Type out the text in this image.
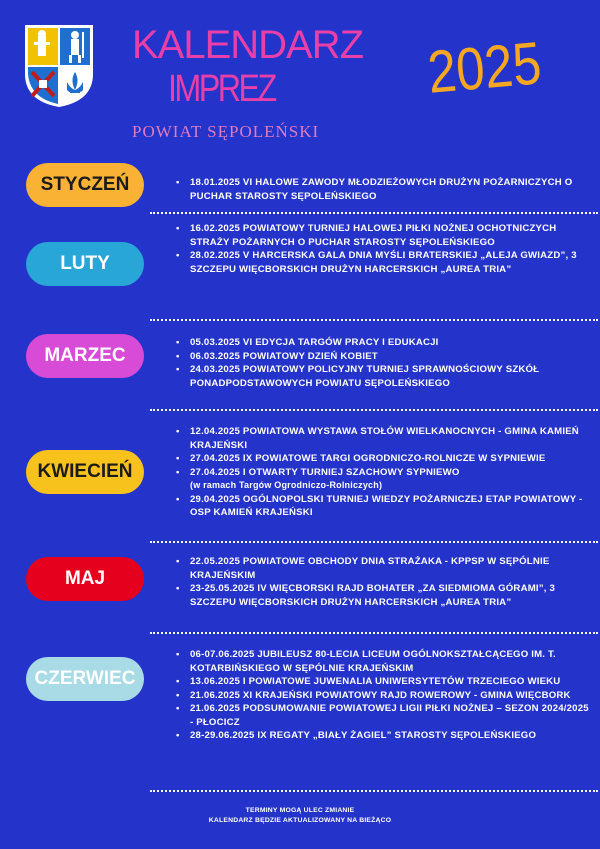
KALENDARZ
IMPREZ	2025
POWIAT SĘPOLEŃSKI
STYCZEŃ	• 18.01.2025 VI HALOWE ZAWODY MŁODZIEŻOWYCH DRUŻYN POŻARNICZYCH O PUCHAR STAROSTY SĘPOLEŃSKIEGO
LUTY
• 16.02.2025 POWIATOWY TURNIEJ HALOWEJ PIŁKI NOŻNEJ OCHOTNICZYCH STRAŻY POŻARNYCH O PUCHAR STAROSTY SĘPOLEŃSKIEGO
• 28.02.2025 V HARCERSKA GALA DNIA MYŚLI BRATERSKIEJ „ALEJA GWIAZD”, 3 SZCZEPU WIĘCBORSKICH DRUŻYN HARCERSKICH „AUREA TRIA”
MARZEC
• 05.03.2025 VI EDYCJA TARGÓW PRACY I EDUKACJI
• 06.03.2025 POWIATOWY DZIEŃ KOBIET
• 24.03.2025 POWIATOWY POLICYJNY TURNIEJ SPRAWNOŚCIOWY SZKÓŁ PONADPODSTAWOWYCH POWIATU SĘPOLEŃSKIEGO
KWIECIEŃ
• 12.04.2025 POWIATOWA WYSTAWA STOŁÓW WIELKANOCNYCH - GMINA KAMIEŃ KRAJEŃSKI
• 27.04.2025 IX POWIATOWE TARGI OGRODNICZO-ROLNICZE W SYPNIEWIE
• 27.04.2025 I OTWARTY TURNIEJ SZACHOWY SYPNIEWO
(w ramach Targów Ogrodniczo-Rolniczych)
• 29.04.2025 OGÓLNOPOLSKI TURNIEJ WIEDZY POŻARNICZEJ ETAP POWIATOWY - OSP KAMIEŃ KRAJEŃSKI
MAJ
• 22.05.2025 POWIATOWE OBCHODY DNIA STRAŻAKA - KPPSP W SĘPÓLNIE KRAJEŃSKIM
• 23-25.05.2025 IV WIĘCBORSKI RAJD BOHATER „ZA SIEDMIOMA GÓRAMI”, 3 SZCZEPU WIĘCBORSKICH DRUŻYN HARCERSKICH „AUREA TRIA”
CZERWIEC
• 06-07.06.2025 JUBILEUSZ 80-LECIA LICEUM OGÓLNOKSZTAŁCĄCEGO IM. T. KOTARBIŃSKIEGO W SĘPÓLNIE KRAJEŃSKIM
• 13.06.2025 I POWIATOWE JUWENALIA UNIWERSYTETÓW TRZECIEGO WIEKU
• 21.06.2025 XI KRAJEŃSKI POWIATOWY RAJD ROWEROWY - GMINA WIĘCBORK
• 21.06.2025 PODSUMOWANIE POWIATOWEJ LIGII PIŁKI NOŻNEJ – SEZON 2024/2025 - PŁOCICZ
• 28-29.06.2025 IX REGATY „BIAŁY ŻAGIEL” STAROSTY SĘPOLEŃSKIEGO
TERMINY MOGĄ ULEC ZMIANIE
KALENDARZ BĘDZIE AKTUALIZOWANY NA BIEŻĄCO
